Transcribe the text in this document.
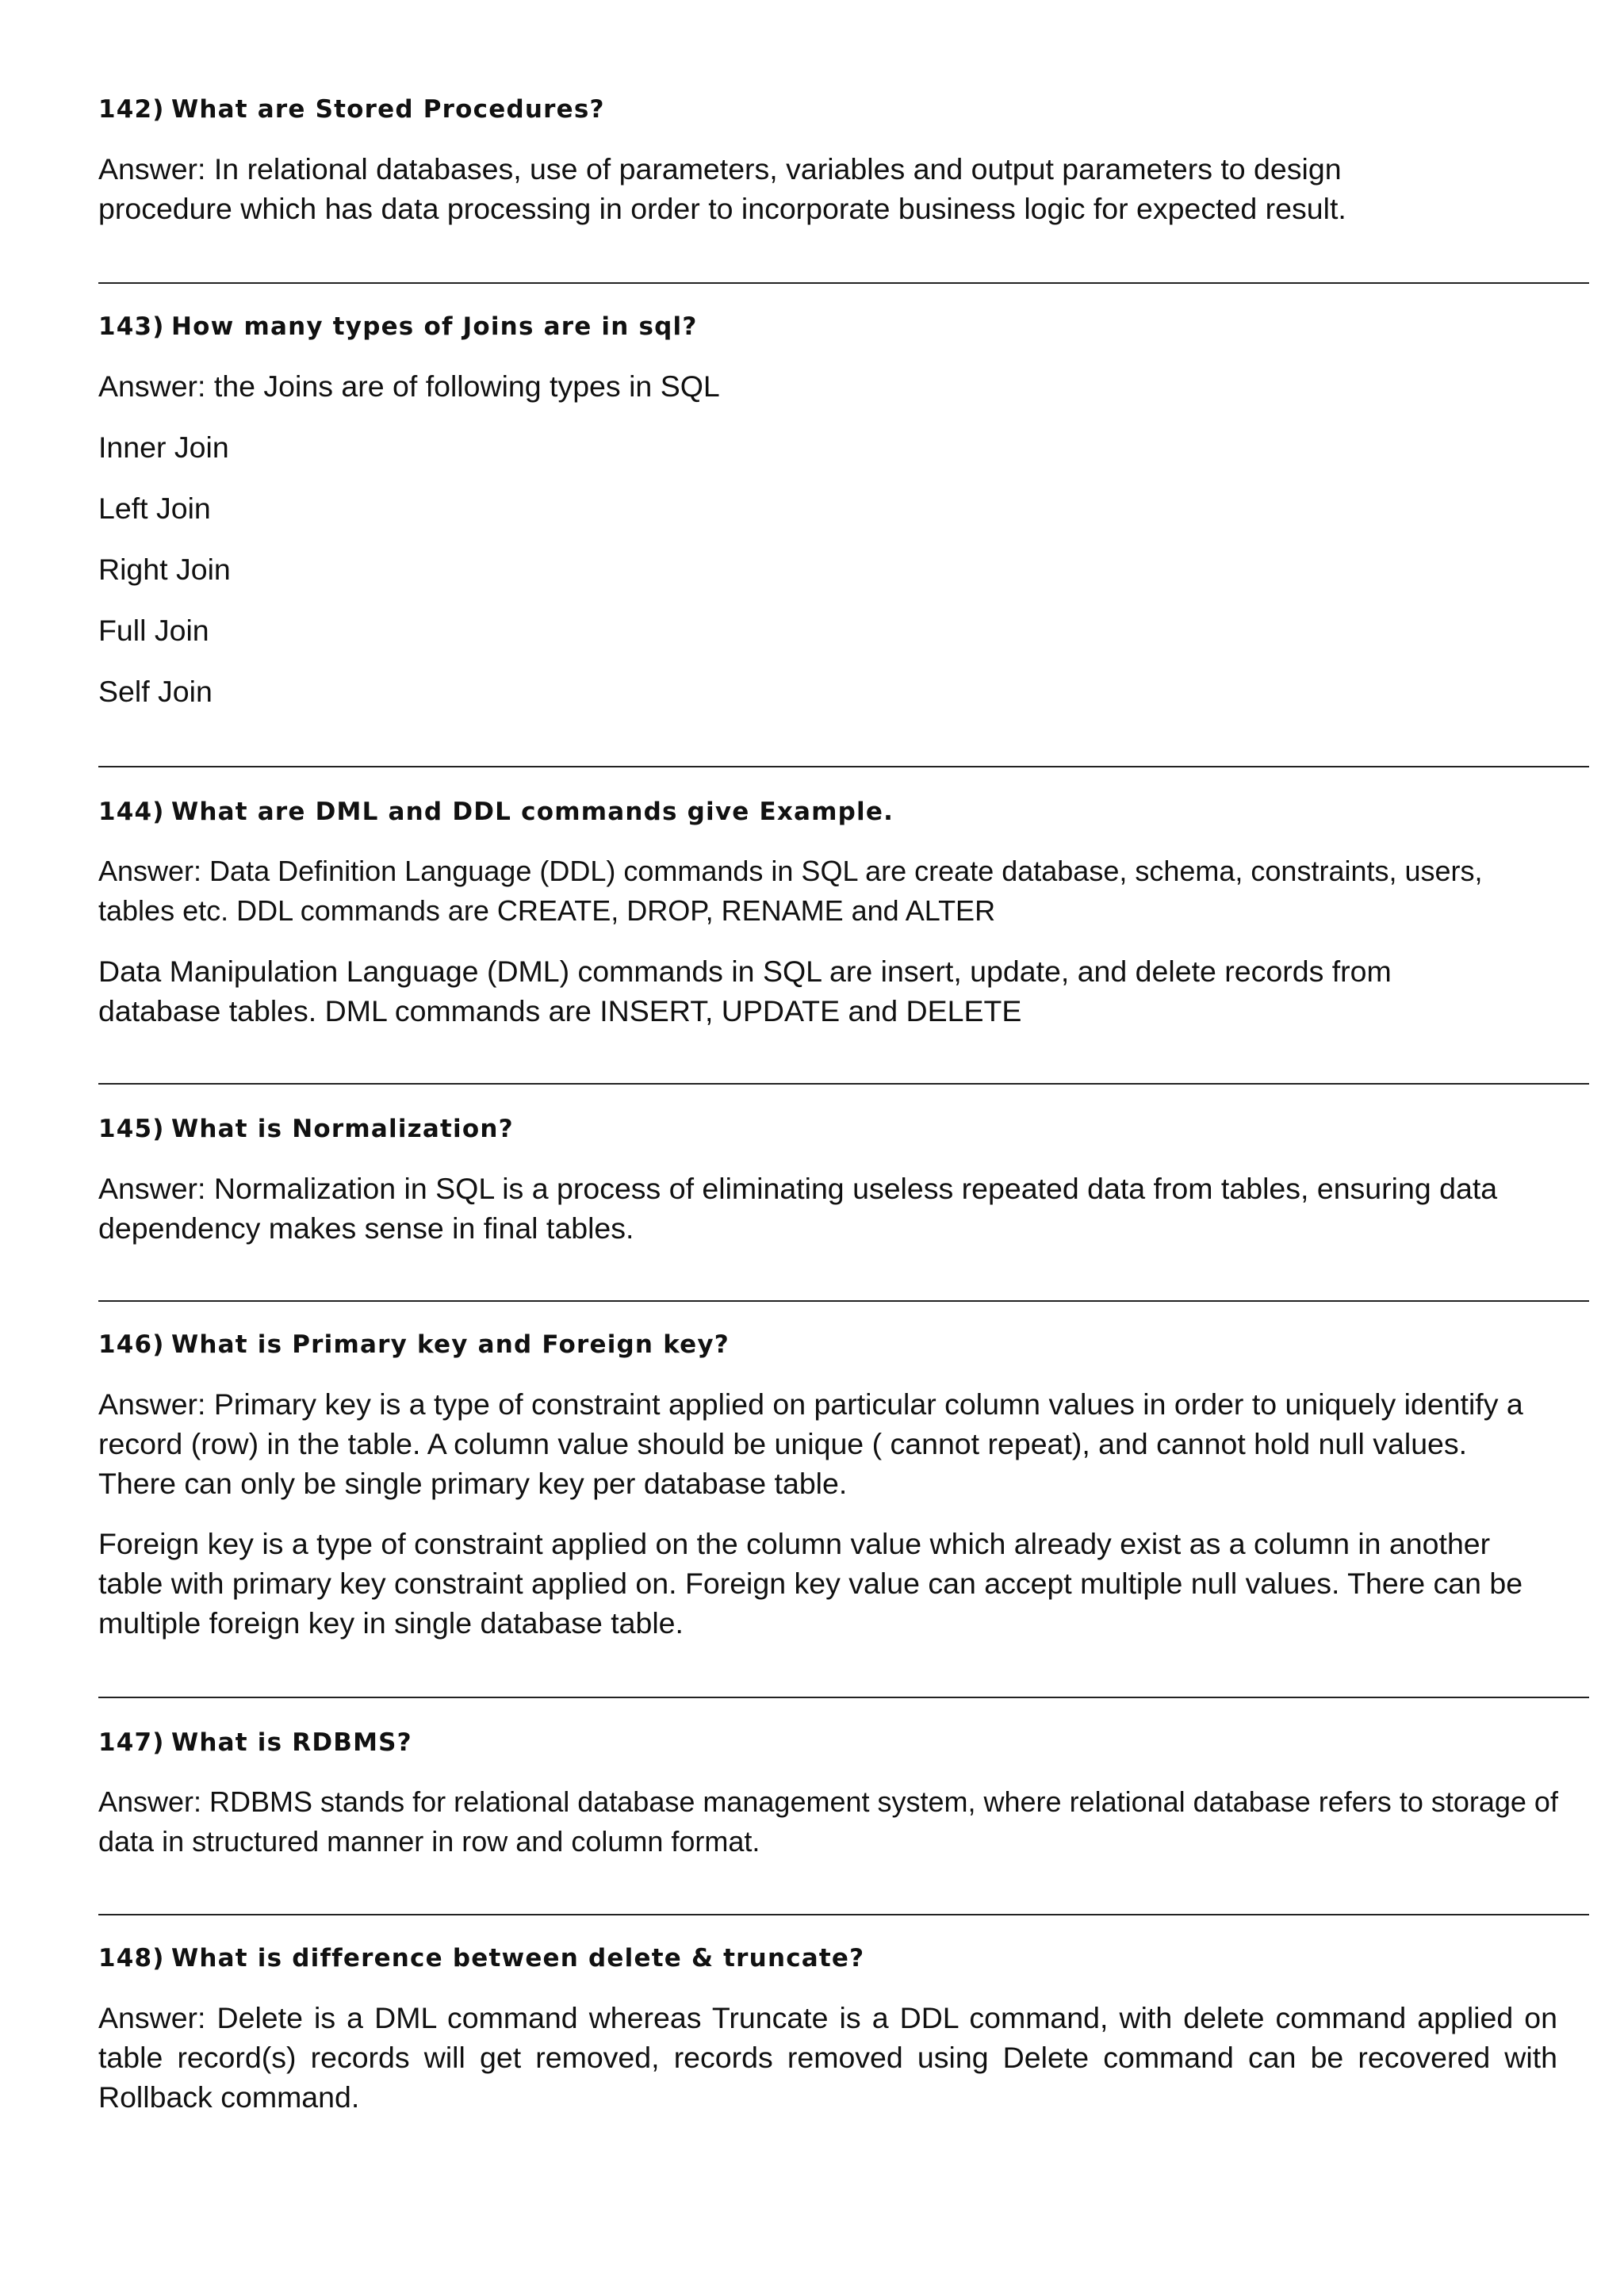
142) What are Stored Procedures?

Answer: In relational databases, use of parameters, variables and output parameters to design procedure which has data processing in order to incorporate business logic for expected result.

143) How many types of Joins are in sql?

Answer: the Joins are of following types in SQL

Inner Join
Left Join
Right Join
Full Join
Self Join

144) What are DML and DDL commands give Example.

Answer: Data Definition Language (DDL) commands in SQL are create database, schema, constraints, users, tables etc. DDL commands are CREATE, DROP, RENAME and ALTER

Data Manipulation Language (DML) commands in SQL are insert, update, and delete records from database tables. DML commands are INSERT, UPDATE and DELETE

145) What is Normalization?

Answer: Normalization in SQL is a process of eliminating useless repeated data from tables, ensuring data dependency makes sense in final tables.

146) What is Primary key and Foreign key?

Answer: Primary key is a type of constraint applied on particular column values in order to uniquely identify a record (row) in the table. A column value should be unique ( cannot repeat), and cannot hold null values. There can only be single primary key per database table.

Foreign key is a type of constraint applied on the column value which already exist as a column in another table with primary key constraint applied on. Foreign key value can accept multiple null values. There can be multiple foreign key in single database table.

147) What is RDBMS?

Answer: RDBMS stands for relational database management system, where relational database refers to storage of data in structured manner in row and column format.

148) What is difference between delete & truncate?

Answer: Delete is a DML command whereas Truncate is a DDL command, with delete command applied on table record(s) records will get removed, records removed using Delete command can be recovered with Rollback command.
